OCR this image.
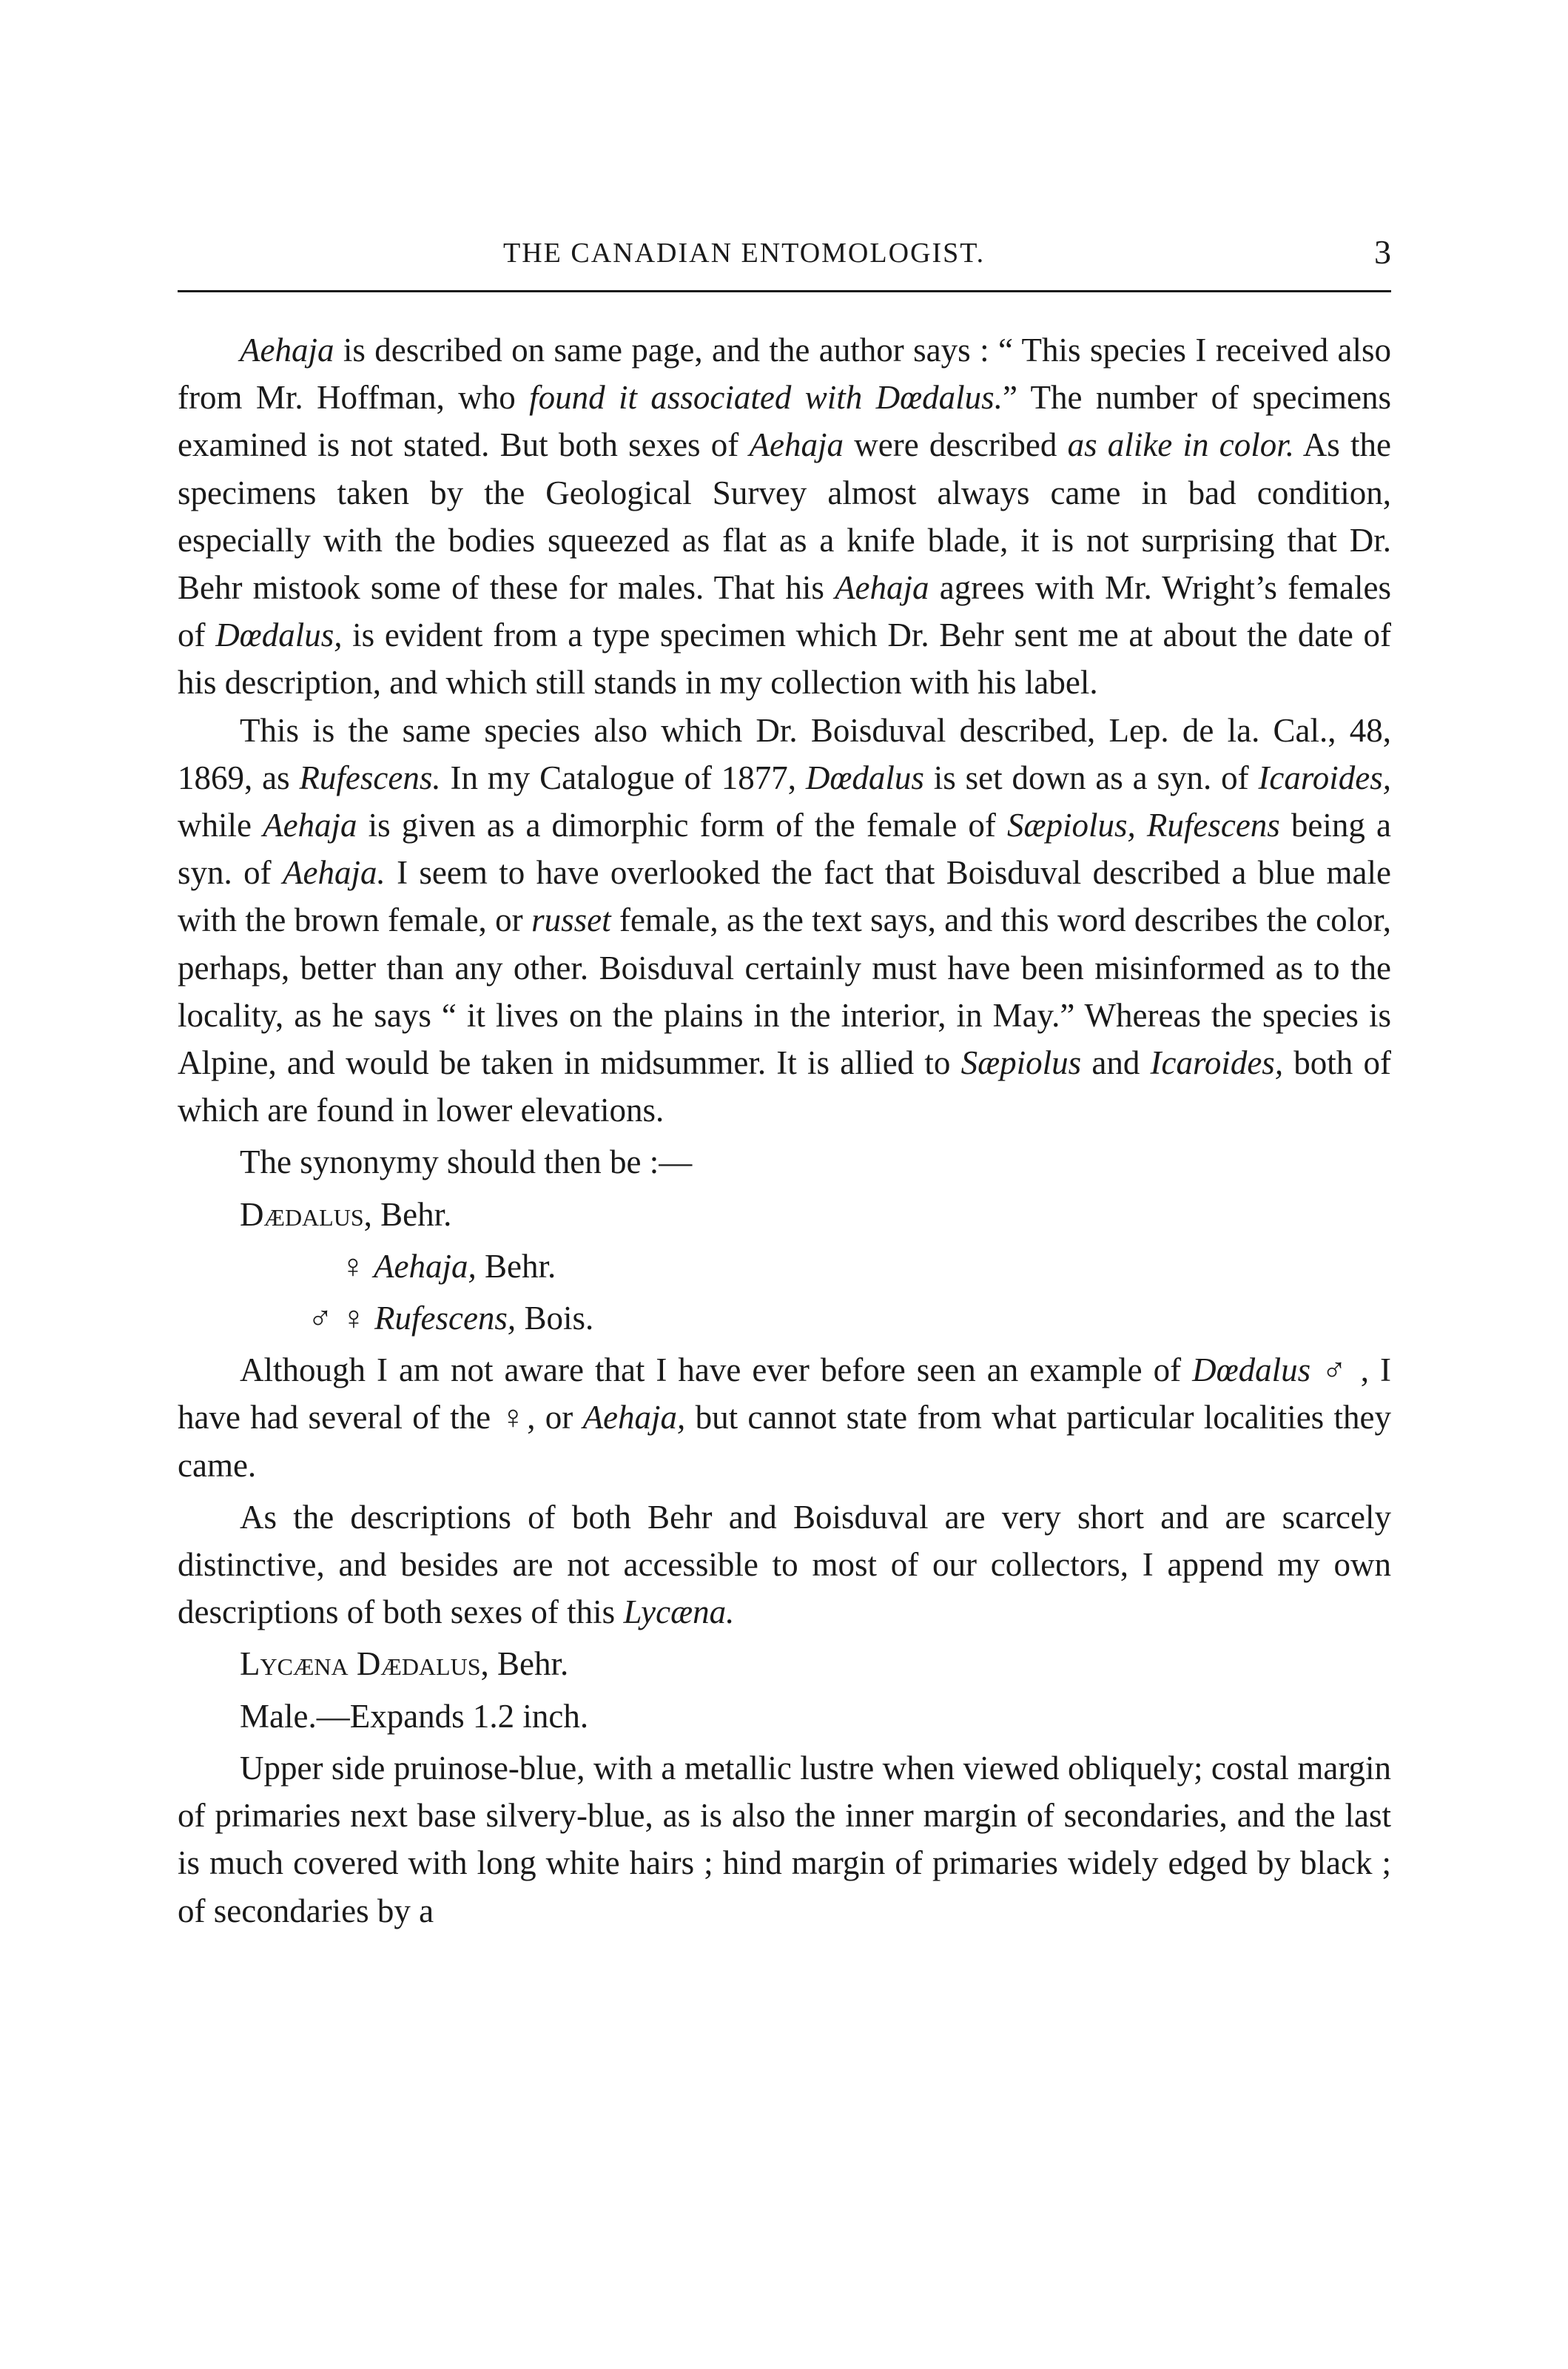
THE CANADIAN ENTOMOLOGIST.	3

Aehaja is described on same page, and the author says : “ This species I received also from Mr. Hoffman, who found it associated with Dœdalus.” The number of specimens examined is not stated. But both sexes of Aehaja were described as alike in color. As the specimens taken by the Geological Survey almost always came in bad condition, especially with the bodies squeezed as flat as a knife blade, it is not surprising that Dr. Behr mistook some of these for males. That his Aehaja agrees with Mr. Wright’s females of Dœdalus, is evident from a type specimen which Dr. Behr sent me at about the date of his description, and which still stands in my collection with his label.

This is the same species also which Dr. Boisduval described, Lep. de la. Cal., 48, 1869, as Rufescens. In my Catalogue of 1877, Dœdalus is set down as a syn. of Icaroides, while Aehaja is given as a dimorphic form of the female of Sæpiolus, Rufescens being a syn. of Aehaja. I seem to have overlooked the fact that Boisduval described a blue male with the brown female, or russet female, as the text says, and this word describes the color, perhaps, better than any other. Boisduval certainly must have been misinformed as to the locality, as he says “ it lives on the plains in the interior, in May.” Whereas the species is Alpine, and would be taken in midsummer. It is allied to Sæpiolus and Icaroides, both of which are found in lower elevations.

The synonymy should then be :—

Dædalus, Behr.

♀ Aehaja, Behr.

♂ ♀ Rufescens, Bois.

Although I am not aware that I have ever before seen an example of Dœdalus ♂ , I have had several of the ♀, or Aehaja, but cannot state from what particular localities they came.

As the descriptions of both Behr and Boisduval are very short and are scarcely distinctive, and besides are not accessible to most of our collectors, I append my own descriptions of both sexes of this Lycæna.

Lycæna Dædalus, Behr.

Male.—Expands 1.2 inch.

Upper side pruinose-blue, with a metallic lustre when viewed obliquely; costal margin of primaries next base silvery-blue, as is also the inner margin of secondaries, and the last is much covered with long white hairs ; hind margin of primaries widely edged by black ; of secondaries by a
